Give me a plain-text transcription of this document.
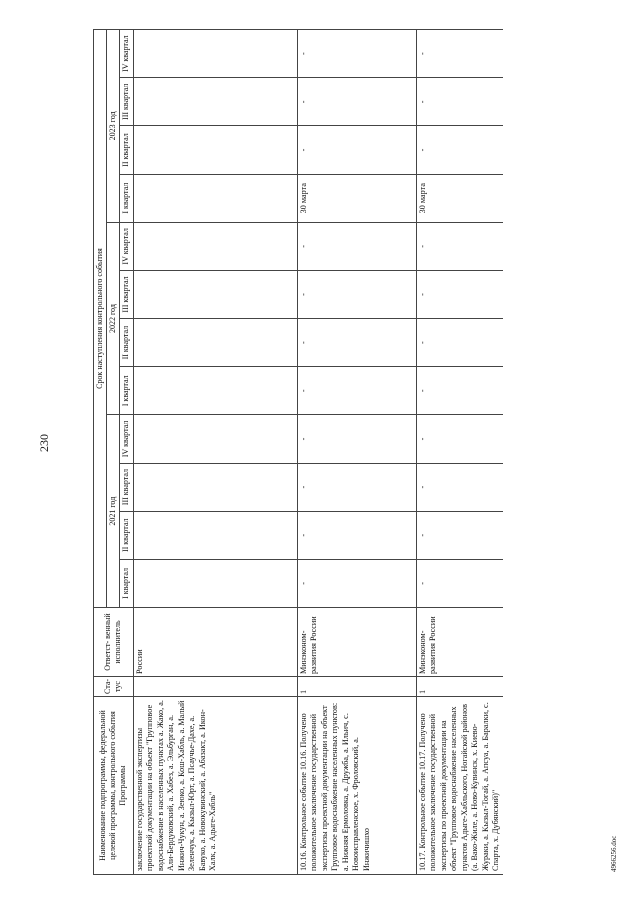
230
Наименование подпрограммы, федеральной целевой программы, контрольного события Программы	Ста- тус	Ответст- венный исполнитель	Срок наступления контрольного события											
			2021 год				2022 год				2023 год			
			I квартал	II квартал	III квартал	IV квартал	I квартал	II квартал	III квартал	IV квартал	I квартал	II квартал	III квартал	IV квартал
заключение государственной экспертизы проектной документации на объект "Групповое водоснабжение в населенных пунктах а. Жако, а. Али-Бердуковский, а. Хабез, а. Эльбурган, а. Инжич-Чукун, а. Зеюко, а. Кош-Хабль, а. Малый Зеленчук, а. Кызыл-Юрт, а. Псаучье-Дахе, а. Бавуко, а. Новокувинский, а. Абазакт, а. Икон-Халк, а. Адыге-Хабль"		России												
10.16. Контрольное событие 10.16. Получено положительное заключение государственной экспертизы проектной документации на объект Групповое водоснабжение населенных пунктов: а. Нижняя Ермоловка, а. Дружба, а. Ильич, с. Новоисправленское, х. Фроловский, а. Инжичишхо	1	Минэконом- развития России	-	-	-	-	-	-	-	-	30 марта	-	-	-
10.17. Контрольное событие 10.17. Получено положительное заключение государственной экспертизы по проектной документации на объект "Групповое водоснабжение населенных пунктов Адыге-Хабльского, Ногайской районов (а. Вако-Жиле, а. Ново-Кувинск, х. Киево-Жураки, а. Кызыл-Тогай, а. Апсуа, а. Баралки, с. Спарта, х. Дубянский)"	1	Минэконом- развития России	-	-	-	-	-	-	-	-	30 марта	-	-	-
4966256.doc
